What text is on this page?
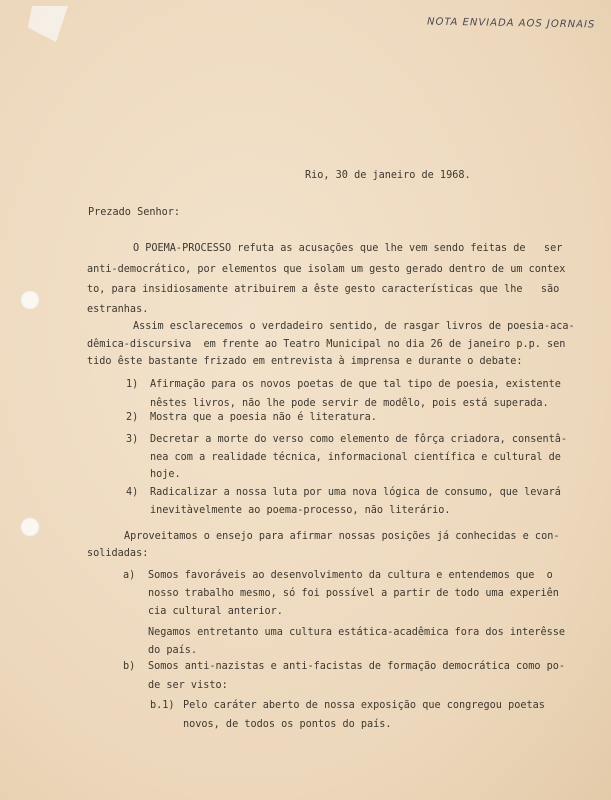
NOTA ENVIADA AOS JORNAIS
Rio, 30 de janeiro de 1968.
Prezado Senhor:
O POEMA-PROCESSO refuta as acusações que lhe vem sendo feitas de   ser
anti-democrático, por elementos que isolam um gesto gerado dentro de um contex
to, para insidiosamente atribuirem a êste gesto características que lhe   são
estranhas.
Assim esclarecemos o verdadeiro sentido, de rasgar livros de poesia-aca-
dêmica-discursiva  em frente ao Teatro Municipal no dia 26 de janeiro p.p. sen
tido êste bastante frizado em entrevista à imprensa e durante o debate:
1) Afirmação para os novos poetas de que tal tipo de poesia, existente
nêstes livros, não lhe pode servir de modêlo, pois está superada.
2) Mostra que a poesia não é literatura.
3) Decretar a morte do verso como elemento de fôrça criadora, consentâ-
nea com a realidade técnica, informacional científica e cultural de
hoje.
4) Radicalizar a nossa luta por uma nova lógica de consumo, que levará
inevitàvelmente ao poema-processo, não literário.
Aproveitamos o ensejo para afirmar nossas posições já conhecidas e con-
solidadas:
a) Somos favoráveis ao desenvolvimento da cultura e entendemos que  o
nosso trabalho mesmo, só foi possível a partir de todo uma experiên
cia cultural anterior.
Negamos entretanto uma cultura estática-acadêmica fora dos interêsse
do país.
b) Somos anti-nazistas e anti-facistas de formação democrática como po-
de ser visto:
b.1) Pelo caráter aberto de nossa exposição que congregou poetas
novos, de todos os pontos do país.
